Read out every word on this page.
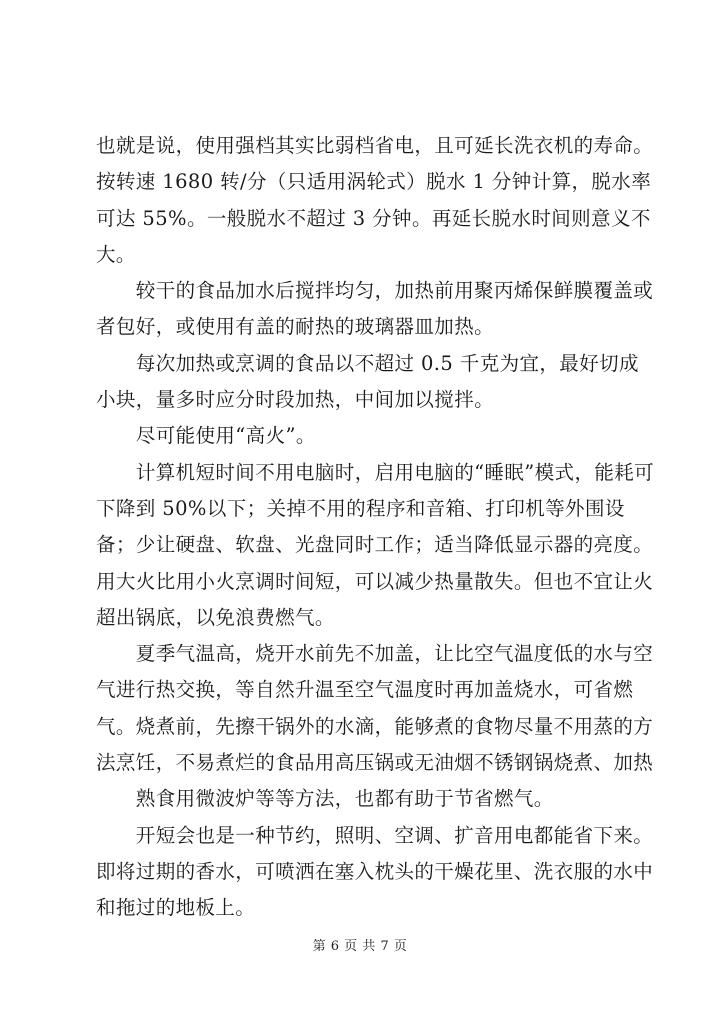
也就是说，使用强档其实比弱档省电，且可延长洗衣机的寿命。按转速 1680 转/分（只适用涡轮式）脱水 1 分钟计算，脱水率可达 55%。一般脱水不超过 3 分钟。再延长脱水时间则意义不大。

　　较干的食品加水后搅拌均匀，加热前用聚丙烯保鲜膜覆盖或者包好，或使用有盖的耐热的玻璃器皿加热。

　　每次加热或烹调的食品以不超过 0.5 千克为宜，最好切成小块，量多时应分时段加热，中间加以搅拌。

　　尽可能使用“高火”。

　　计算机短时间不用电脑时，启用电脑的“睡眠”模式，能耗可下降到 50%以下；关掉不用的程序和音箱、打印机等外围设备；少让硬盘、软盘、光盘同时工作；适当降低显示器的亮度。用大火比用小火烹调时间短，可以减少热量散失。但也不宜让火超出锅底，以免浪费燃气。

　　夏季气温高，烧开水前先不加盖，让比空气温度低的水与空气进行热交换，等自然升温至空气温度时再加盖烧水，可省燃气。烧煮前，先擦干锅外的水滴，能够煮的食物尽量不用蒸的方法烹饪，不易煮烂的食品用高压锅或无油烟不锈钢锅烧煮、加热

　　熟食用微波炉等等方法，也都有助于节省燃气。

　　开短会也是一种节约，照明、空调、扩音用电都能省下来。即将过期的香水，可喷洒在塞入枕头的干燥花里、洗衣服的水中和拖过的地板上。

第 6 页 共 7 页
